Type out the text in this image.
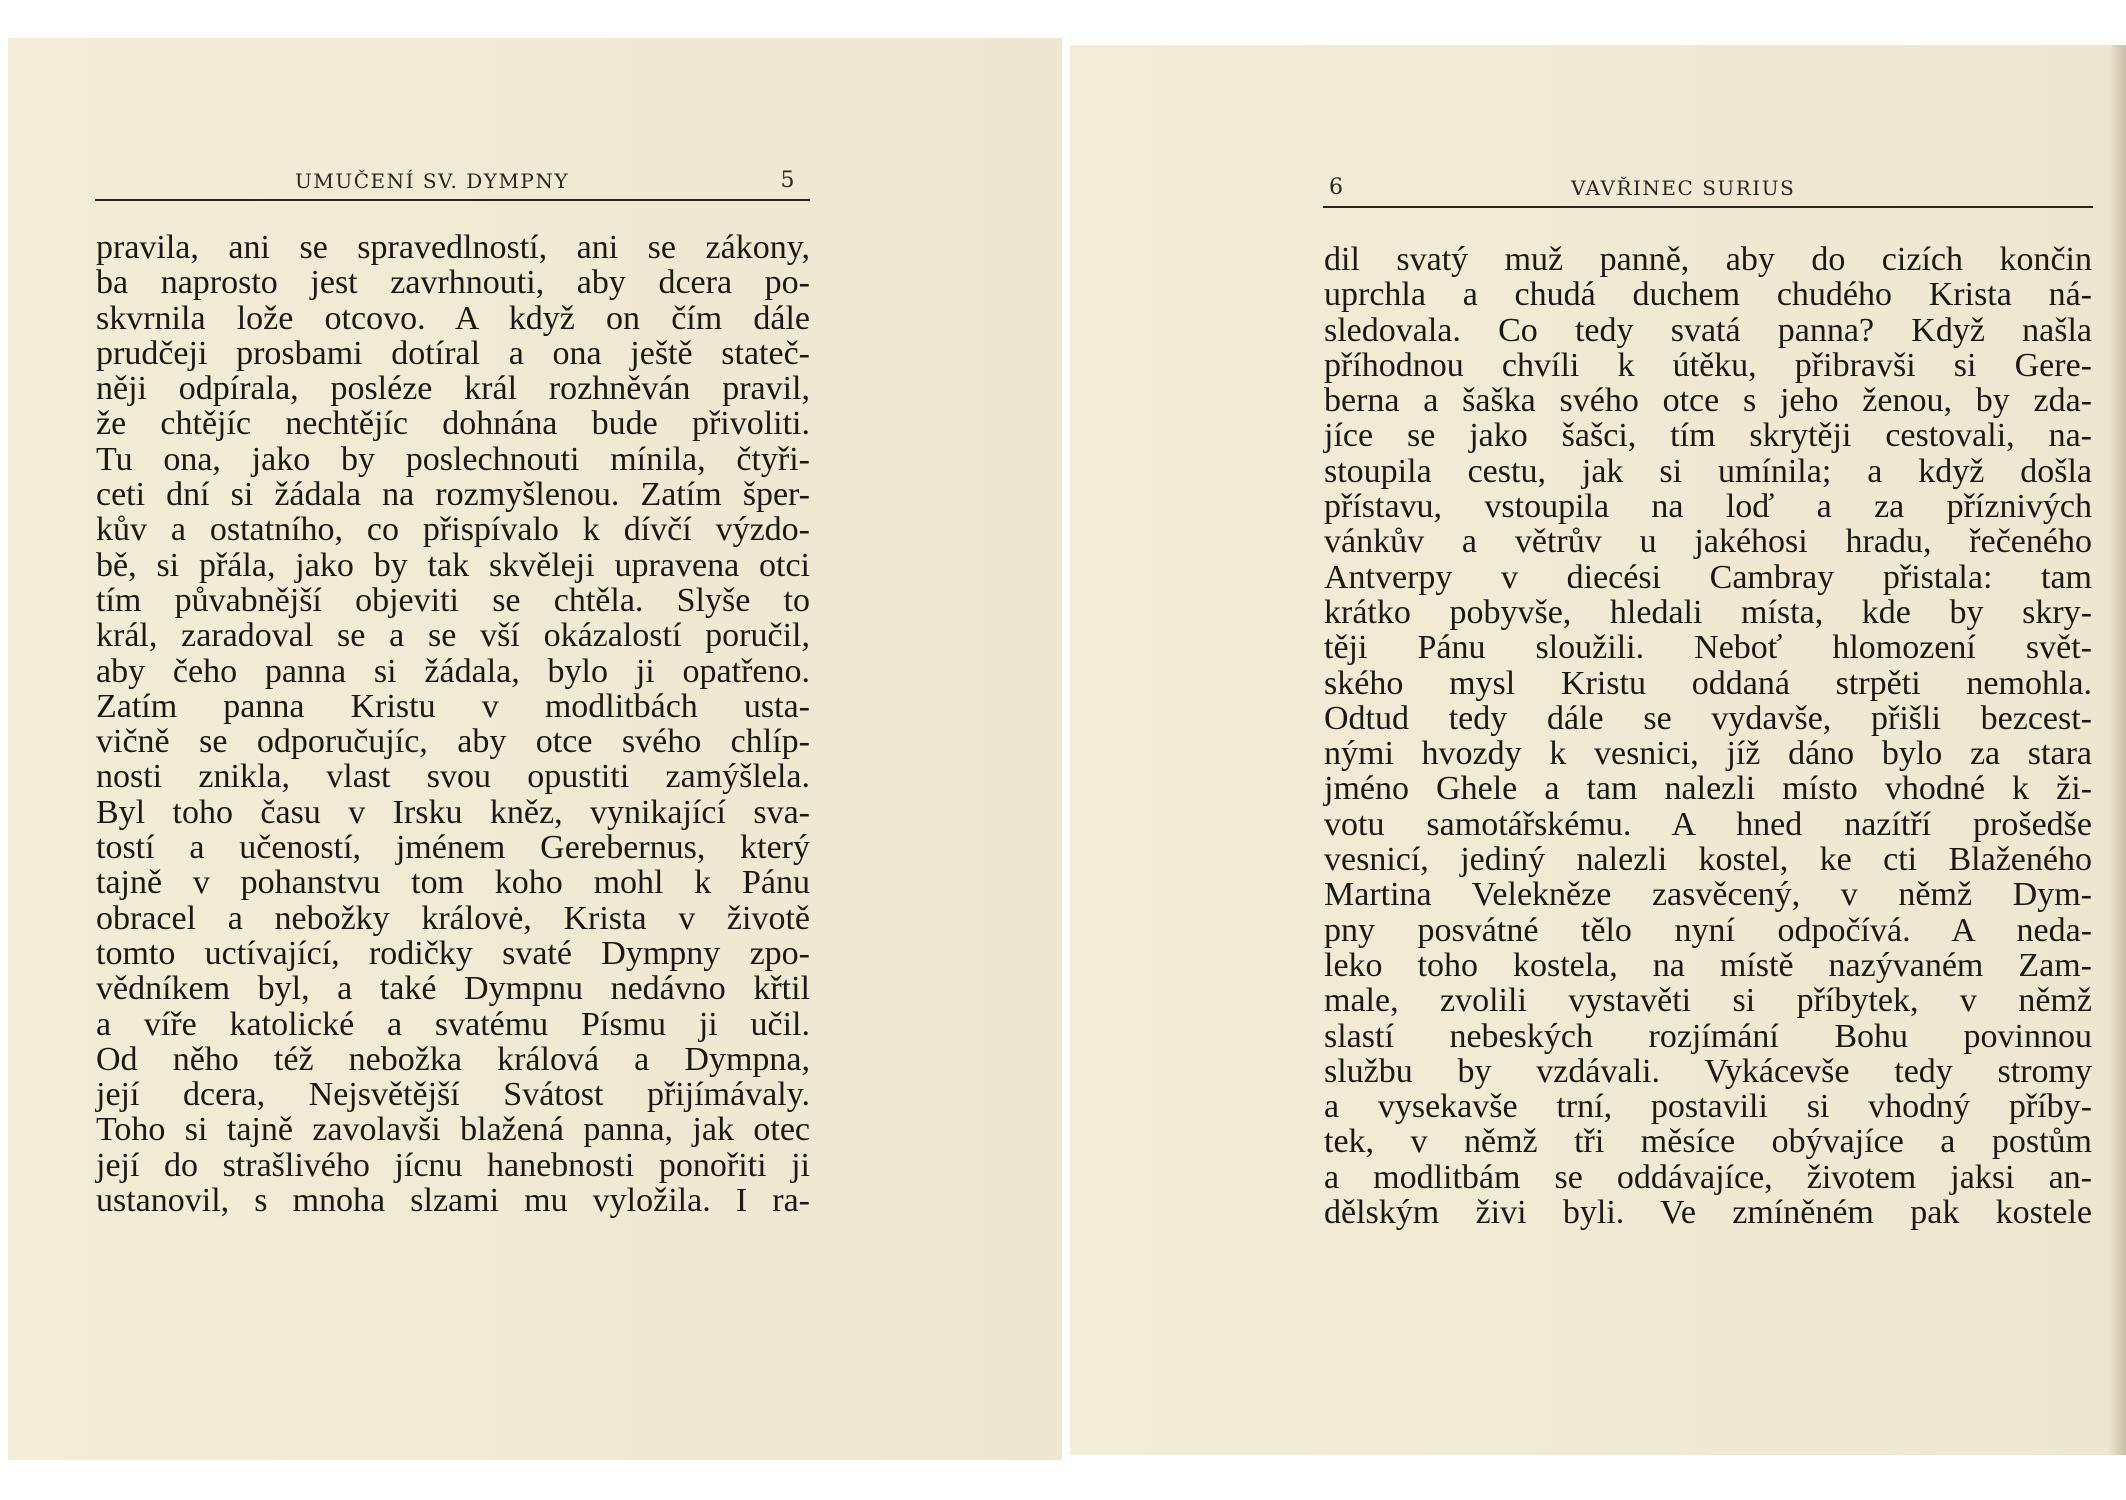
UMUČENÍ SV. DYMPNY	5
pravila, ani se spravedlností, ani se zákony,
ba naprosto jest zavrhnouti, aby dcera po-
skvrnila lože otcovo. A když on čím dále
prudčeji prosbami dotíral a ona ještě stateč-
něji odpírala, posléze král rozhněván pravil,
že chtějíc nechtějíc dohnána bude přivoliti.
Tu ona, jako by poslechnouti mínila, čtyři-
ceti dní si žádala na rozmyšlenou. Zatím šper-
kův a ostatního, co přispívalo k dívčí výzdo-
bě, si přála, jako by tak skvěleji upravena otci
tím půvabnější objeviti se chtěla. Slyše to
král, zaradoval se a se vší okázalostí poručil,
aby čeho panna si žádala, bylo ji opatřeno.
Zatím panna Kristu v modlitbách usta-
vičně se odporučujíc, aby otce svého chlíp-
nosti znikla, vlast svou opustiti zamýšlela.
Byl toho času v Irsku kněz, vynikající sva-
tostí a učeností, jménem Gerebernus, který
tajně v pohanstvu tom koho mohl k Pánu
obracel a nebožky královė, Krista v životě
tomto uctívající, rodičky svaté Dympny zpo-
vědníkem byl, a také Dympnu nedávno křtil
a víře katolické a svatému Písmu ji učil.
Od něho též nebožka králová a Dympna,
její dcera, Nejsvětější Svátost přijímávaly.
Toho si tajně zavolavši blažená panna, jak otec
její do strašlivého jícnu hanebnosti ponořiti ji
ustanovil, s mnoha slzami mu vyložila. I ra-
6	VAVŘINEC SURIUS
dil svatý muž panně, aby do cizích končin
uprchla a chudá duchem chudého Krista ná-
sledovala. Co tedy svatá panna? Když našla
příhodnou chvíli k útěku, přibravši si Gere-
berna a šaška svého otce s jeho ženou, by zda-
jíce se jako šašci, tím skrytěji cestovali, na-
stoupila cestu, jak si umínila; a když došla
přístavu, vstoupila na loď a za příznivých
vánkův a větrův u jakéhosi hradu, řečeného
Antverpy v diecési Cambray přistala: tam
krátko pobyvše, hledali místa, kde by skry-
těji Pánu sloužili. Neboť hlomození svět-
ského mysl Kristu oddaná strpěti nemohla.
Odtud tedy dále se vydavše, přišli bezcest-
nými hvozdy k vesnici, jíž dáno bylo za stara
jméno Ghele a tam nalezli místo vhodné k ži-
votu samotářskému. A hned nazítří prošedše
vesnicí, jediný nalezli kostel, ke cti Blaženého
Martina Velekněze zasvěcený, v němž Dym-
pny posvátné tělo nyní odpočívá. A neda-
leko toho kostela, na místě nazývaném Zam-
male, zvolili vystavěti si příbytek, v němž
slastí nebeských rozjímání Bohu povinnou
službu by vzdávali. Vykácevše tedy stromy
a vysekavše trní, postavili si vhodný příby-
tek, v němž tři měsíce obývajíce a postům
a modlitbám se oddávajíce, životem jaksi an-
dělským živi byli. Ve zmíněném pak kostele
